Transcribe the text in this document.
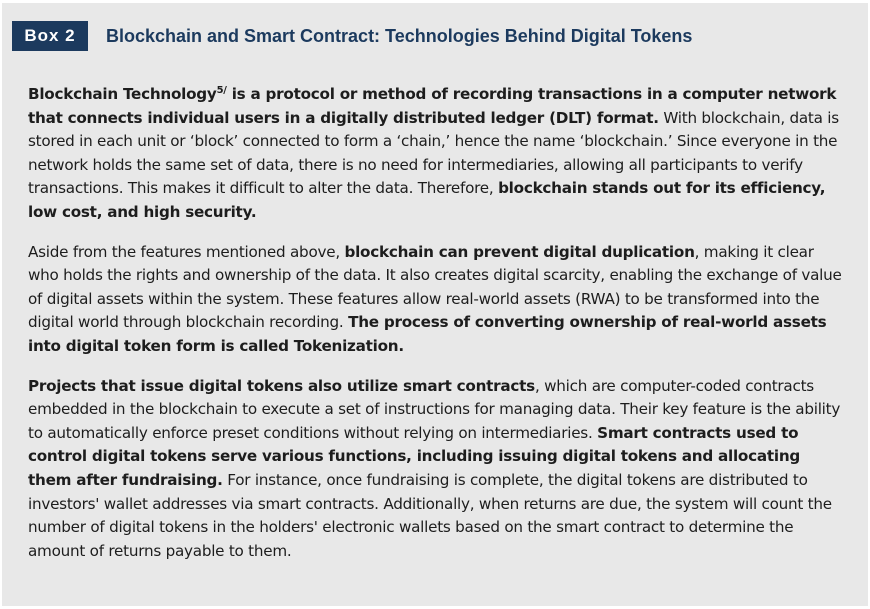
Box 2	Blockchain and Smart Contract: Technologies Behind Digital Tokens

Blockchain Technology$^{5/}$ is a protocol or method of recording transactions in a computer network that connects individual users in a digitally distributed ledger (DLT) format. With blockchain, data is stored in each unit or ‘block’ connected to form a ‘chain,’ hence the name ‘blockchain.’ Since everyone in the network holds the same set of data, there is no need for intermediaries, allowing all participants to verify transactions. This makes it difficult to alter the data. Therefore, blockchain stands out for its efficiency, low cost, and high security.

Aside from the features mentioned above, blockchain can prevent digital duplication, making it clear who holds the rights and ownership of the data. It also creates digital scarcity, enabling the exchange of value of digital assets within the system. These features allow real-world assets (RWA) to be transformed into the digital world through blockchain recording. The process of converting ownership of real-world assets into digital token form is called Tokenization.

Projects that issue digital tokens also utilize smart contracts, which are computer-coded contracts embedded in the blockchain to execute a set of instructions for managing data. Their key feature is the ability to automatically enforce preset conditions without relying on intermediaries. Smart contracts used to control digital tokens serve various functions, including issuing digital tokens and allocating them after fundraising. For instance, once fundraising is complete, the digital tokens are distributed to investors' wallet addresses via smart contracts. Additionally, when returns are due, the system will count the number of digital tokens in the holders' electronic wallets based on the smart contract to determine the amount of returns payable to them.
